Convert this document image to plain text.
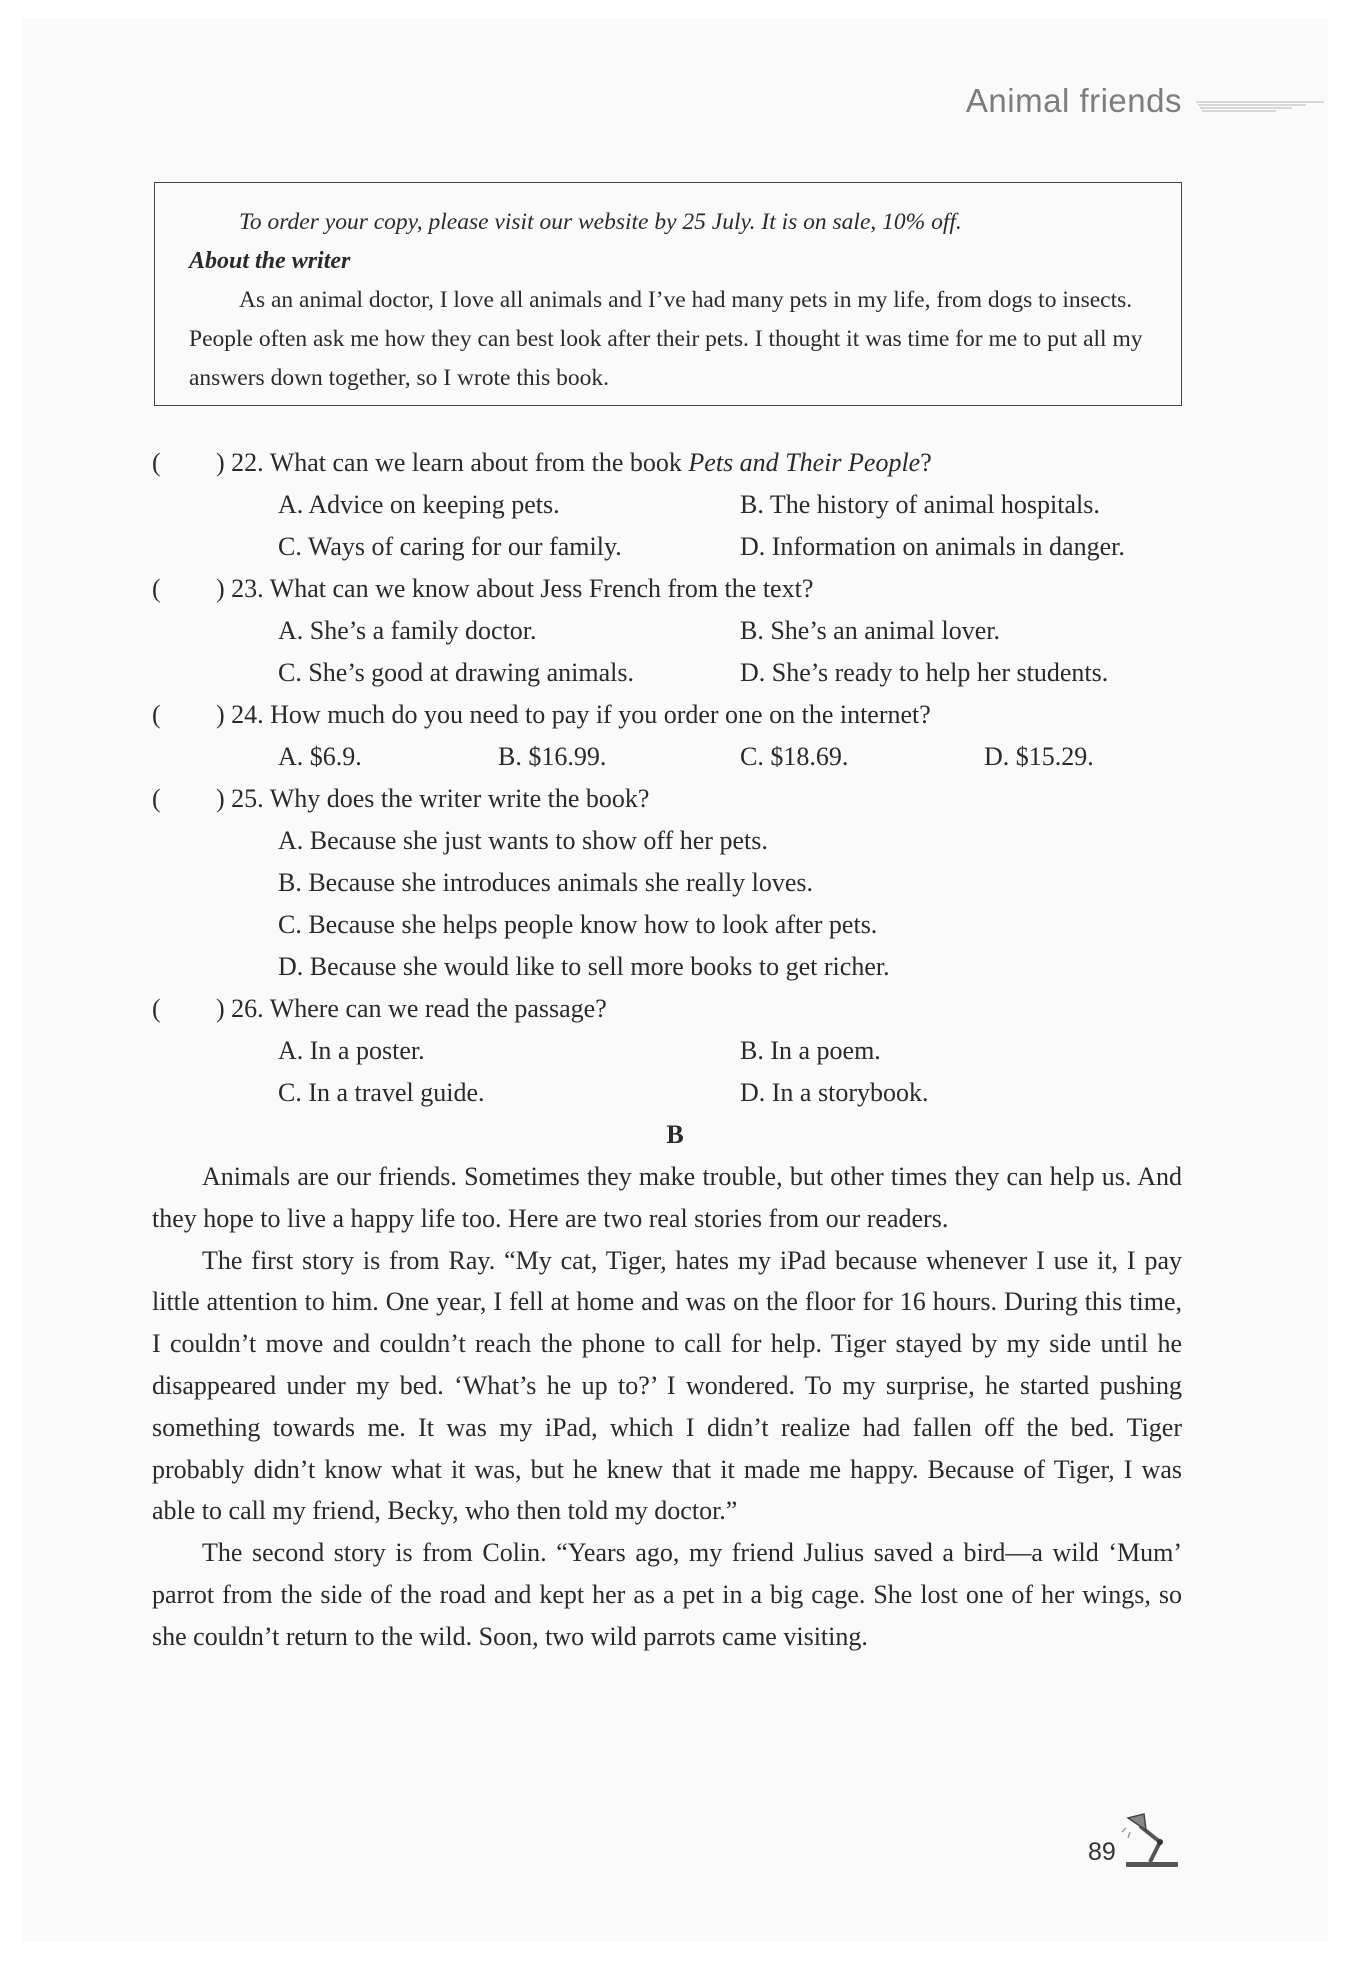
Animal friends

To order your copy, please visit our website by 25 July. It is on sale, 10% off.

About the writer

As an animal doctor, I love all animals and I’ve had many pets in my life, from dogs to insects. People often ask me how they can best look after their pets. I thought it was time for me to put all my answers down together, so I wrote this book.

( ) 22. What can we learn about from the book Pets and Their People?
A. Advice on keeping pets.	B. The history of animal hospitals.
C. Ways of caring for our family.	D. Information on animals in danger.
( ) 23. What can we know about Jess French from the text?
A. She’s a family doctor.	B. She’s an animal lover.
C. She’s good at drawing animals.	D. She’s ready to help her students.
( ) 24. How much do you need to pay if you order one on the internet?
A. $6.9.	B. $16.99.	C. $18.69.	D. $15.29.
( ) 25. Why does the writer write the book?
A. Because she just wants to show off her pets.
B. Because she introduces animals she really loves.
C. Because she helps people know how to look after pets.
D. Because she would like to sell more books to get richer.
( ) 26. Where can we read the passage?
A. In a poster.	B. In a poem.
C. In a travel guide.	D. In a storybook.
B

Animals are our friends. Sometimes they make trouble, but other times they can help us. And they hope to live a happy life too. Here are two real stories from our readers.

The first story is from Ray. “My cat, Tiger, hates my iPad because whenever I use it, I pay little attention to him. One year, I fell at home and was on the floor for 16 hours. During this time, I couldn’t move and couldn’t reach the phone to call for help. Tiger stayed by my side until he disappeared under my bed. ‘What’s he up to?’ I wondered. To my surprise, he started pushing something towards me. It was my iPad, which I didn’t realize had fallen off the bed. Tiger probably didn’t know what it was, but he knew that it made me happy. Because of Tiger, I was able to call my friend, Becky, who then told my doctor.”

The second story is from Colin. “Years ago, my friend Julius saved a bird—a wild ‘Mum’ parrot from the side of the road and kept her as a pet in a big cage. She lost one of her wings, so she couldn’t return to the wild. Soon, two wild parrots came visiting.

89
